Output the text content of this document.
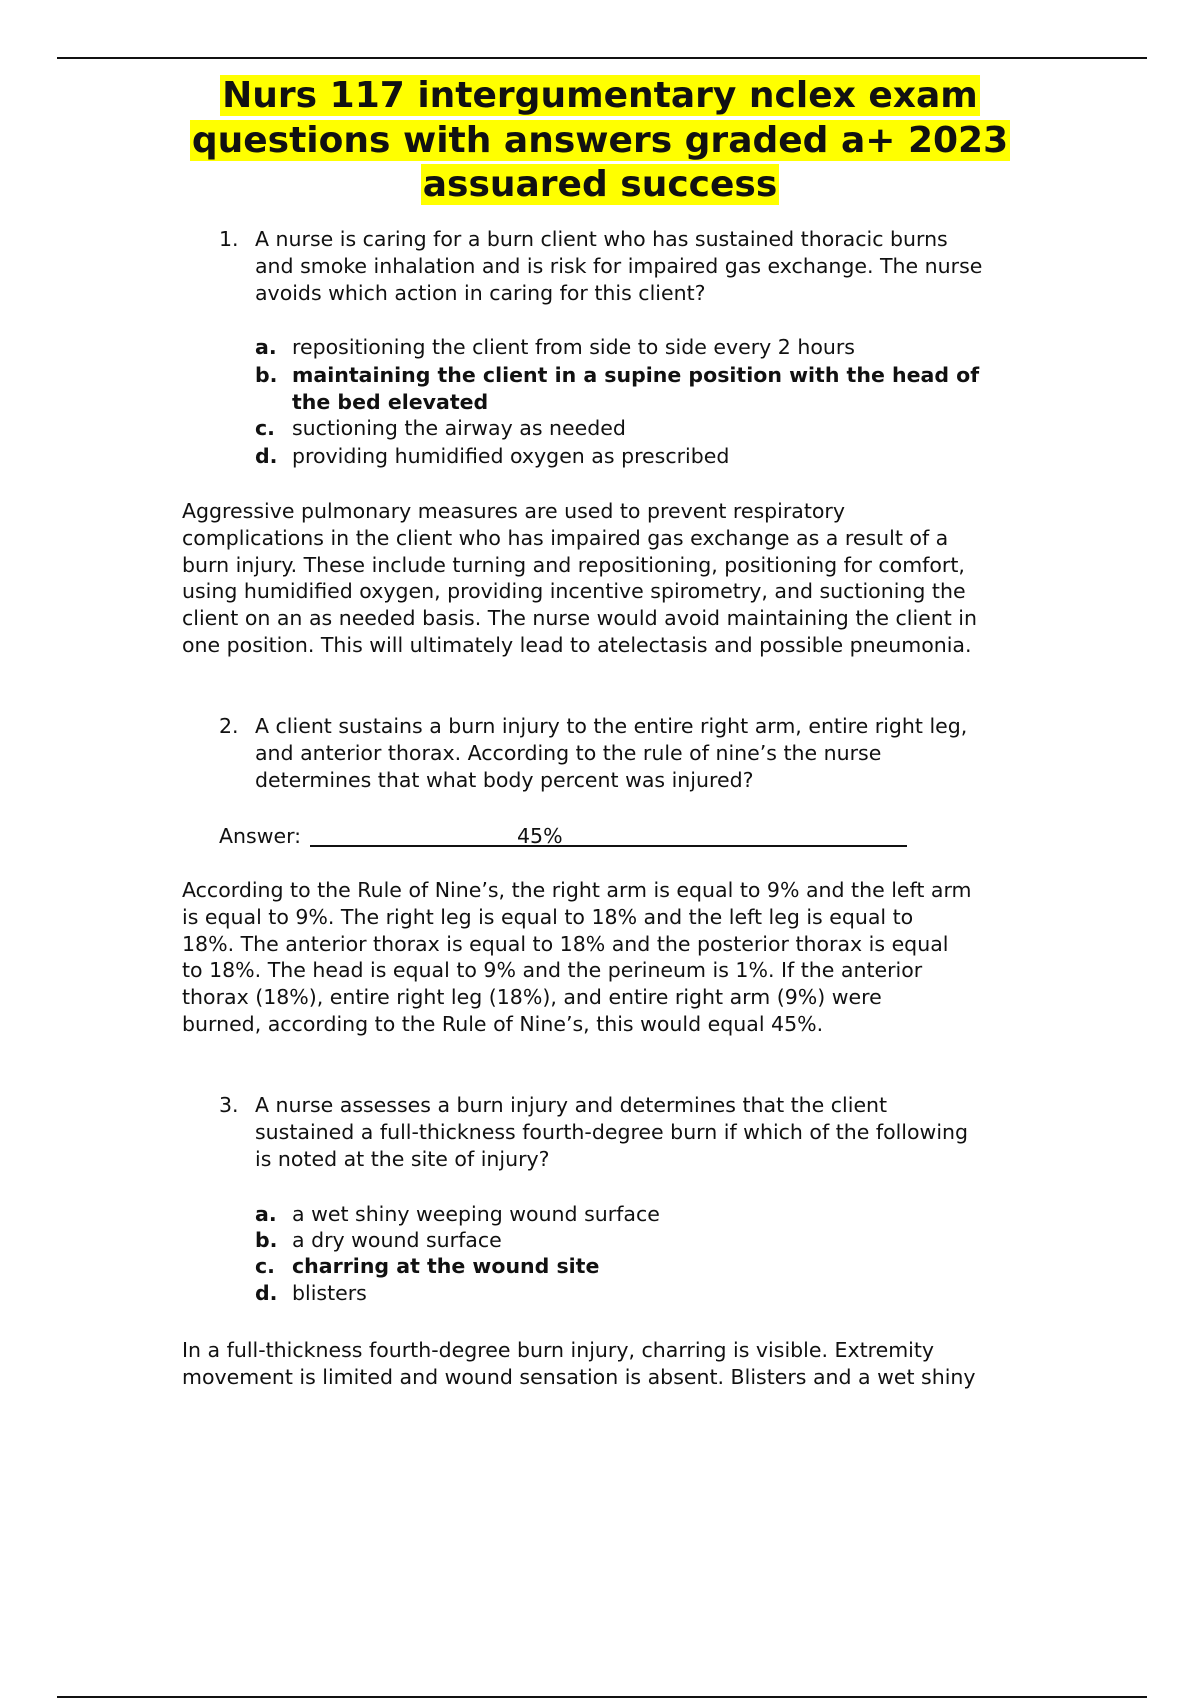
Nurs 117 intergumentary nclex exam
questions with answers graded a+ 2023
assuared success
1. A nurse is caring for a burn client who has sustained thoracic burns
and smoke inhalation and is risk for impaired gas exchange. The nurse
avoids which action in caring for this client?
a. repositioning the client from side to side every 2 hours
b. maintaining the client in a supine position with the head of
the bed elevated
c. suctioning the airway as needed
d. providing humidified oxygen as prescribed
Aggressive pulmonary measures are used to prevent respiratory
complications in the client who has impaired gas exchange as a result of a
burn injury. These include turning and repositioning, positioning for comfort,
using humidified oxygen, providing incentive spirometry, and suctioning the
client on an as needed basis. The nurse would avoid maintaining the client in
one position. This will ultimately lead to atelectasis and possible pneumonia.
2. A client sustains a burn injury to the entire right arm, entire right leg,
and anterior thorax. According to the rule of nine’s the nurse
determines that what body percent was injured?
Answer:	45%
According to the Rule of Nine’s, the right arm is equal to 9% and the left arm
is equal to 9%. The right leg is equal to 18% and the left leg is equal to
18%. The anterior thorax is equal to 18% and the posterior thorax is equal
to 18%. The head is equal to 9% and the perineum is 1%. If the anterior
thorax (18%), entire right leg (18%), and entire right arm (9%) were
burned, according to the Rule of Nine’s, this would equal 45%.
3. A nurse assesses a burn injury and determines that the client
sustained a full-thickness fourth-degree burn if which of the following
is noted at the site of injury?
a. a wet shiny weeping wound surface
b. a dry wound surface
c. charring at the wound site
d. blisters
In a full-thickness fourth-degree burn injury, charring is visible. Extremity
movement is limited and wound sensation is absent. Blisters and a wet shiny
